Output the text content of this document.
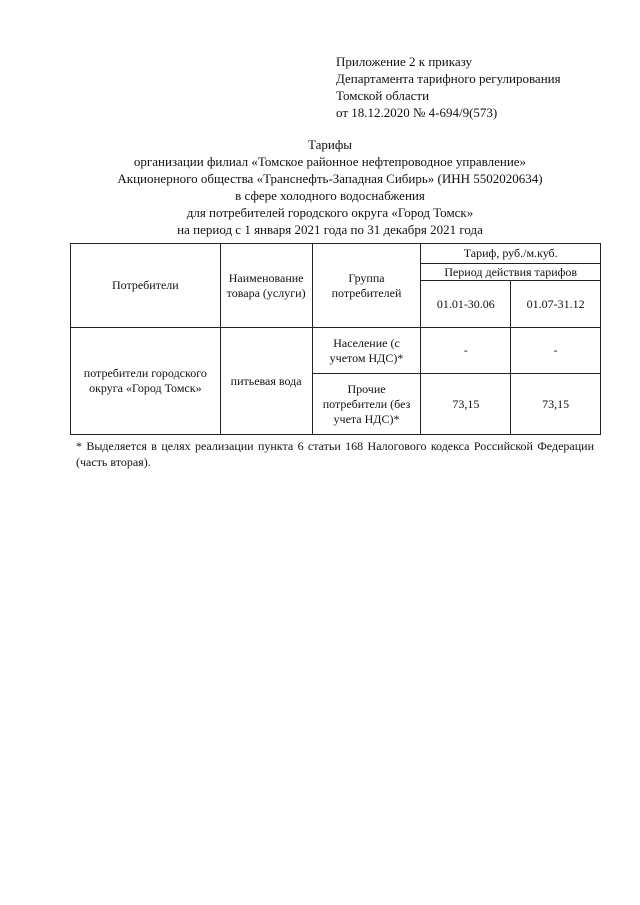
Приложение 2 к приказу
Департамента тарифного регулирования
Томской области
от 18.12.2020 № 4-694/9(573)
Тарифы
организации филиал «Томское районное нефтепроводное управление»
Акционерного общества «Транснефть-Западная Сибирь» (ИНН 5502020634)
в сфере холодного водоснабжения
для потребителей городского округа «Город Томск»
на период с 1 января 2021 года по 31 декабря 2021 года
Потребители	Наименование товара (услуги)	Группа потребителей	Тариф, руб./м.куб.	
			Период действия тарифов	
			01.01-30.06	01.07-31.12
потребители городского округа «Город Томск»	питьевая вода	Население (с учетом НДС)*	-	-
		Прочие потребители (без учета НДС)*	73,15	73,15
* Выделяется в целях реализации пункта 6 статьи 168 Налогового кодекса Российской Федерации (часть вторая).
